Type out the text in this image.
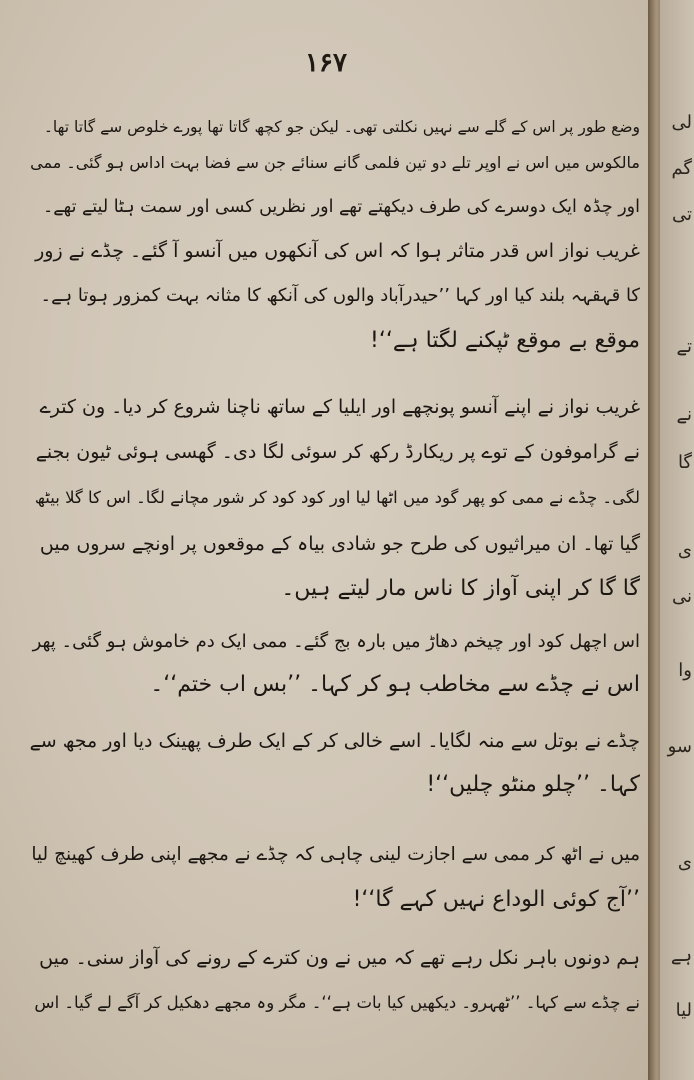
١۶٧
وضع طور پر اس کے گلے سے نہیں نکلتی تھی۔ لیکن جو کچھ گاتا تھا پورے خلوص سے گاتا تھا۔
مالکوس میں اس نے اوپر تلے دو تین فلمی گانے سنائے جن سے فضا بہت اداس ہو گئی۔ ممی
اور چڈہ ایک دوسرے کی طرف دیکھتے تھے اور نظریں کسی اور سمت ہٹا لیتے تھے۔
غریب نواز اس قدر متاثر ہوا کہ اس کی آنکھوں میں آنسو آ گئے۔ چڈے نے زور
کا قہقہہ بلند کیا اور کہا ’’حیدرآباد والوں کی آنکھ کا مثانہ بہت کمزور ہوتا ہے۔
موقع بے موقع ٹپکنے لگتا ہے‘‘!
غریب نواز نے اپنے آنسو پونچھے اور ایلیا کے ساتھ ناچنا شروع کر دیا۔ ون کترے
نے گراموفون کے توے پر ریکارڈ رکھ کر سوئی لگا دی۔ گھسی ہوئی ٹیون بجنے
لگی۔ چڈے نے ممی کو پھر گود میں اٹھا لیا اور کود کود کر شور مچانے لگا۔ اس کا گلا بیٹھ
گیا تھا۔ ان میراثیوں کی طرح جو شادی بیاہ کے موقعوں پر اونچے سروں میں
گا گا کر اپنی آواز کا ناس مار لیتے ہیں۔
اس اچھل کود اور چیخم دھاڑ میں بارہ بج گئے۔ ممی ایک دم خاموش ہو گئی۔ پھر
اس نے چڈے سے مخاطب ہو کر کہا۔ ’’بس اب ختم‘‘۔
چڈے نے بوتل سے منہ لگایا۔ اسے خالی کر کے ایک طرف پھینک دیا اور مجھ سے
کہا۔ ’’چلو منٹو چلیں‘‘!
میں نے اٹھ کر ممی سے اجازت لینی چاہی کہ چڈے نے مجھے اپنی طرف کھینچ لیا
’’آج کوئی الوداع نہیں کہے گا‘‘!
ہم دونوں باہر نکل رہے تھے کہ میں نے ون کترے کے رونے کی آواز سنی۔ میں
نے چڈے سے کہا۔ ’’ٹھہرو۔ دیکھیں کیا بات ہے‘‘۔ مگر وہ مجھے دھکیل کر آگے لے گیا۔ اس
لی
گم
تی
تے
نے
گا
ی
نی
وا
سو
ی
ہے
لیا
